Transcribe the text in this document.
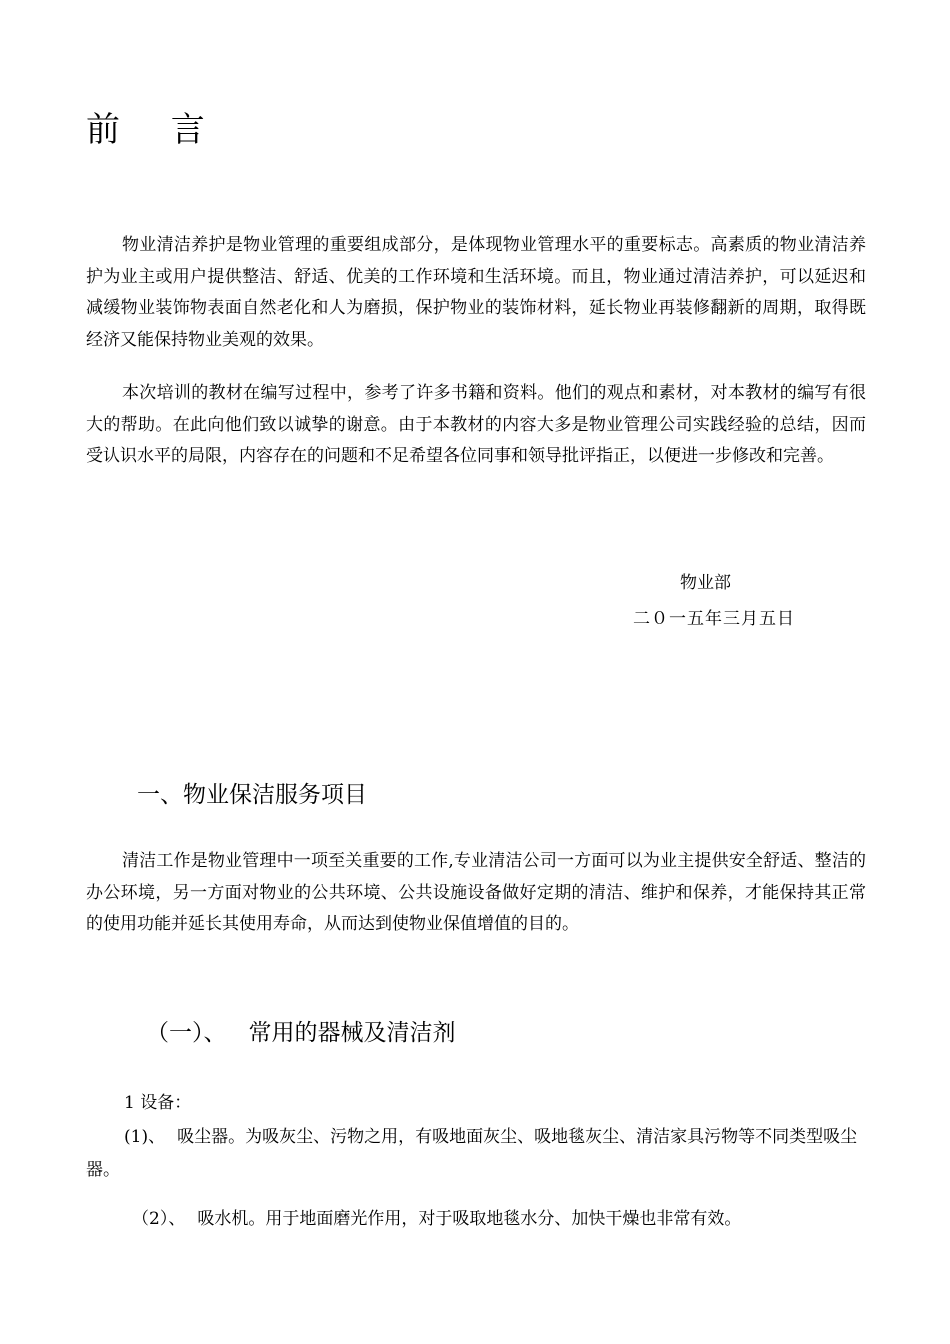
前 言

物业清洁养护是物业管理的重要组成部分，是体现物业管理水平的重要标志。高素质的物业清洁养护为业主或用户提供整洁、舒适、优美的工作环境和生活环境。而且，物业通过清洁养护，可以延迟和减缓物业装饰物表面自然老化和人为磨损，保护物业的装饰材料，延长物业再装修翻新的周期，取得既经济又能保持物业美观的效果。

本次培训的教材在编写过程中，参考了许多书籍和资料。他们的观点和素材，对本教材的编写有很大的帮助。在此向他们致以诚挚的谢意。由于本教材的内容大多是物业管理公司实践经验的总结，因而受认识水平的局限，内容存在的问题和不足希望各位同事和领导批评指正，以便进一步修改和完善。

物业部
二０一五年三月五日
一、物业保洁服务项目

清洁工作是物业管理中一项至关重要的工作,专业清洁公司一方面可以为业主提供安全舒适、整洁的办公环境，另一方面对物业的公共环境、公共设施设备做好定期的清洁、维护和保养，才能保持其正常的使用功能并延长其使用寿命，从而达到使物业保值增值的目的。

（一）、 常用的器械及清洁剂
1 设备：

(1)、 吸尘器。为吸灰尘、污物之用，有吸地面灰尘、吸地毯灰尘、清洁家具污物等不同类型吸尘器。

（2）、 吸水机。用于地面磨光作用，对于吸取地毯水分、加快干燥也非常有效。
